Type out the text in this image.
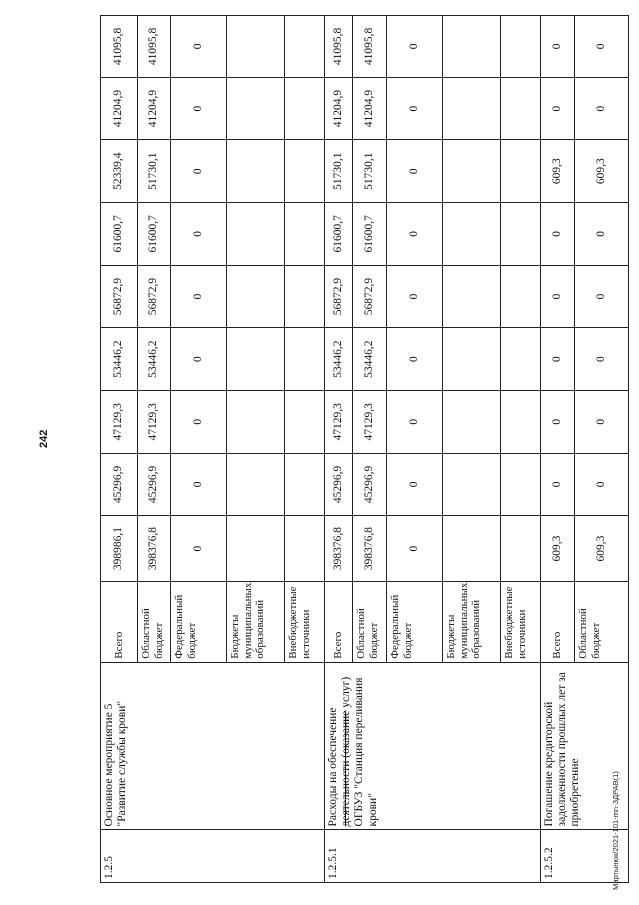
242
Мартынюк/2021-101-mn-ЗДРАВ(1)
1.2.5	Основное мероприятие 5 "Развитие службы крови"	Всего	398986,1	45296,9	47129,3	53446,2	56872,9	61600,7	52339,4	41204,9	41095,8
		Областной бюджет	398376,8	45296,9	47129,3	53446,2	56872,9	61600,7	51730,1	41204,9	41095,8
		Федеральный бюджет	0	0	0	0	0	0	0	0	0
		Бюджеты муниципальных образований									
		Внебюджетные источники									
1.2.5.1	Расходы на обеспечение деятельности (оказание услуг) ОГБУЗ "Станция переливания крови"	Всего	398376,8	45296,9	47129,3	53446,2	56872,9	61600,7	51730,1	41204,9	41095,8
		Областной бюджет	398376,8	45296,9	47129,3	53446,2	56872,9	61600,7	51730,1	41204,9	41095,8
		Федеральный бюджет	0	0	0	0	0	0	0	0	0
		Бюджеты муниципальных образований									
		Внебюджетные источники									
1.2.5.2	Погашение кредиторской задолженности прошлых лет за приобретение	Всего	609,3	0	0	0	0	0	609,3	0	0
		Областной бюджет	609,3	0	0	0	0	0	609,3	0	0
